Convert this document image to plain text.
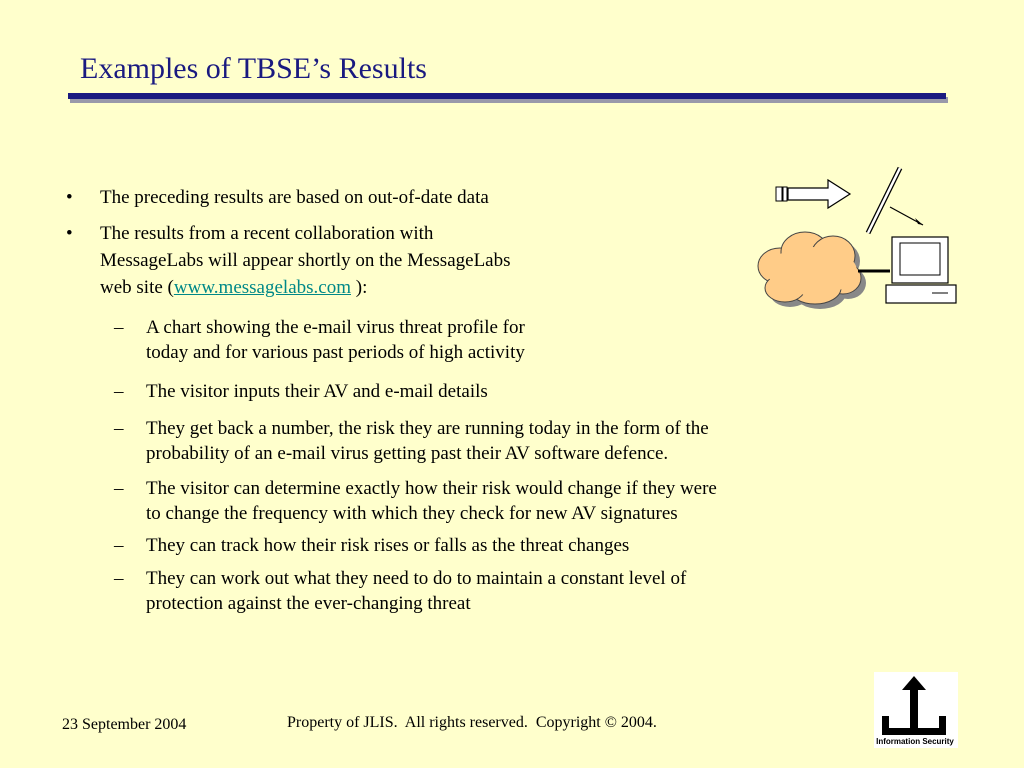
Examples of TBSE’s Results
• The preceding results are based on out-of-date data
• The results from a recent collaboration with
MessageLabs will appear shortly on the MessageLabs
web site (www.messagelabs.com ):
– A chart showing the e-mail virus threat profile for
today and for various past periods of high activity
– The visitor inputs their AV and e-mail details
– They get back a number, the risk they are running today in the form of the
probability of an e-mail virus getting past their AV software defence.
– The visitor can determine exactly how their risk would change if they were
to change the frequency with which they check for new AV signatures
– They can track how their risk rises or falls as the threat changes
– They can work out what they need to do to maintain a constant level of
protection against the ever-changing threat
23 September 2004	Property of JLIS.  All rights reserved.  Copyright © 2004.
Information Security
